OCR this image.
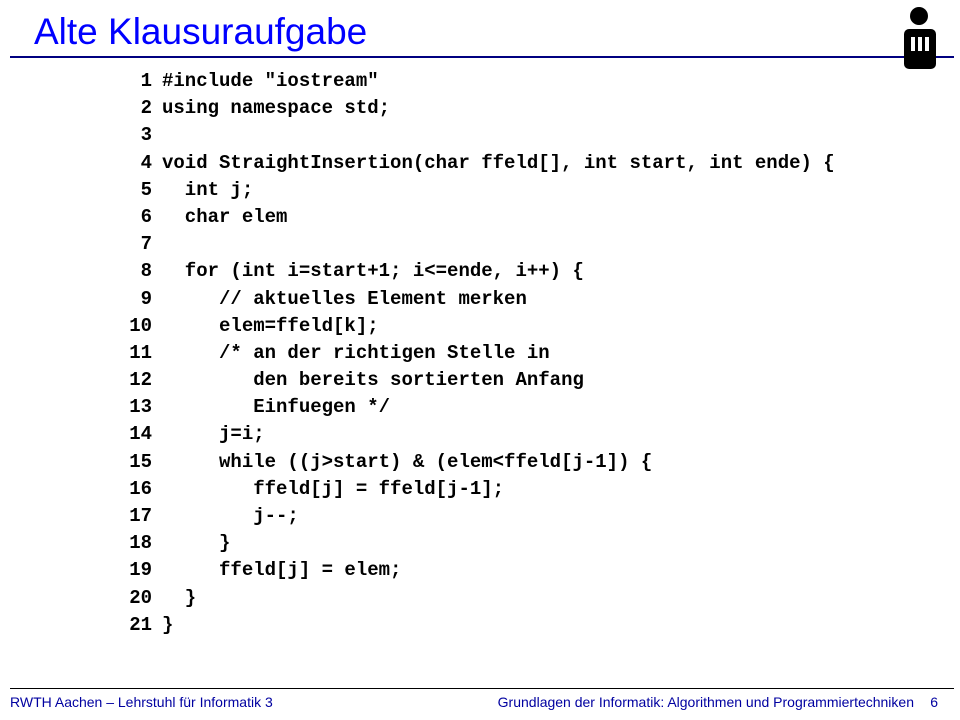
Alte Klausuraufgabe
1 #include "iostream"
2 using namespace std;
3
4 void StraightInsertion(char ffeld[], int start, int ende) {
5 int j;
6 char elem
7
8 for (int i=start+1; i<=ende, i++) {
9 // aktuelles Element merken
10 elem=ffeld[k];
11 /* an der richtigen Stelle in
12 den bereits sortierten Anfang
13 Einfuegen */
14 j=i;
15 while ((j>start) & (elem<ffeld[j-1]) {
16 ffeld[j] = ffeld[j-1];
17 j--;
18 }
19 ffeld[j] = elem;
20 }
21 }
RWTH Aachen – Lehrstuhl für Informatik 3	Grundlagen der Informatik: Algorithmen und Programmiertechniken 6
